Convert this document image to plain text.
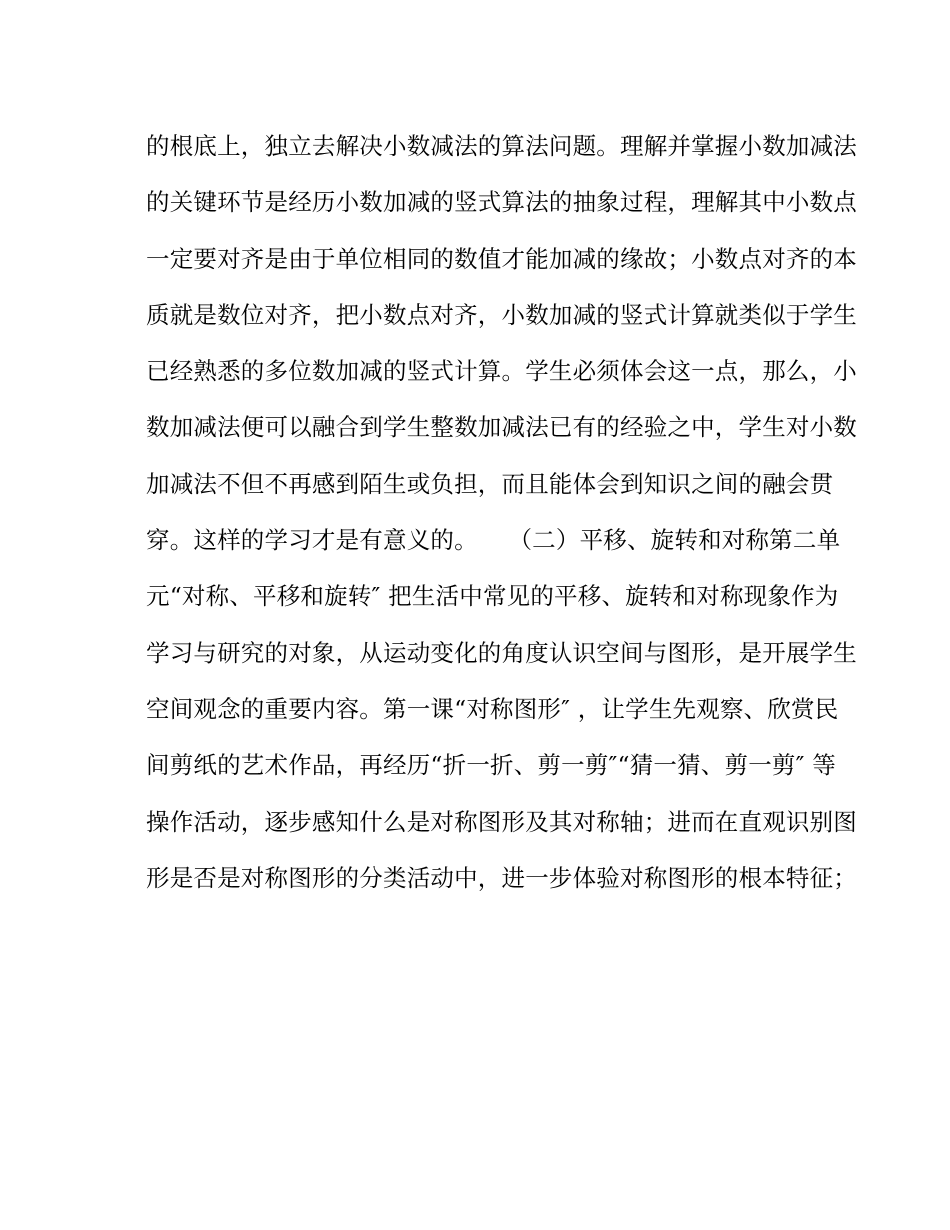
的根底上，独立去解决小数减法的算法问题。理解并掌握小数加减法
的关键环节是经历小数加减的竖式算法的抽象过程，理解其中小数点
一定要对齐是由于单位相同的数值才能加减的缘故；小数点对齐的本
质就是数位对齐，把小数点对齐，小数加减的竖式计算就类似于学生
已经熟悉的多位数加减的竖式计算。学生必须体会这一点，那么，小
数加减法便可以融合到学生整数加减法已有的经验之中，学生对小数
加减法不但不再感到陌生或负担，而且能体会到知识之间的融会贯
穿。这样的学习才是有意义的。    （二）平移、旋转和对称第二单
元“对称、平移和旋转″ 把生活中常见的平移、旋转和对称现象作为
学习与研究的对象，从运动变化的角度认识空间与图形，是开展学生
空间观念的重要内容。第一课“对称图形″ ，让学生先观察、欣赏民
间剪纸的艺术作品，再经历“折一折、剪一剪″“猜一猜、剪一剪″ 等
操作活动，逐步感知什么是对称图形及其对称轴；进而在直观识别图
形是否是对称图形的分类活动中，进一步体验对称图形的根本特征；
